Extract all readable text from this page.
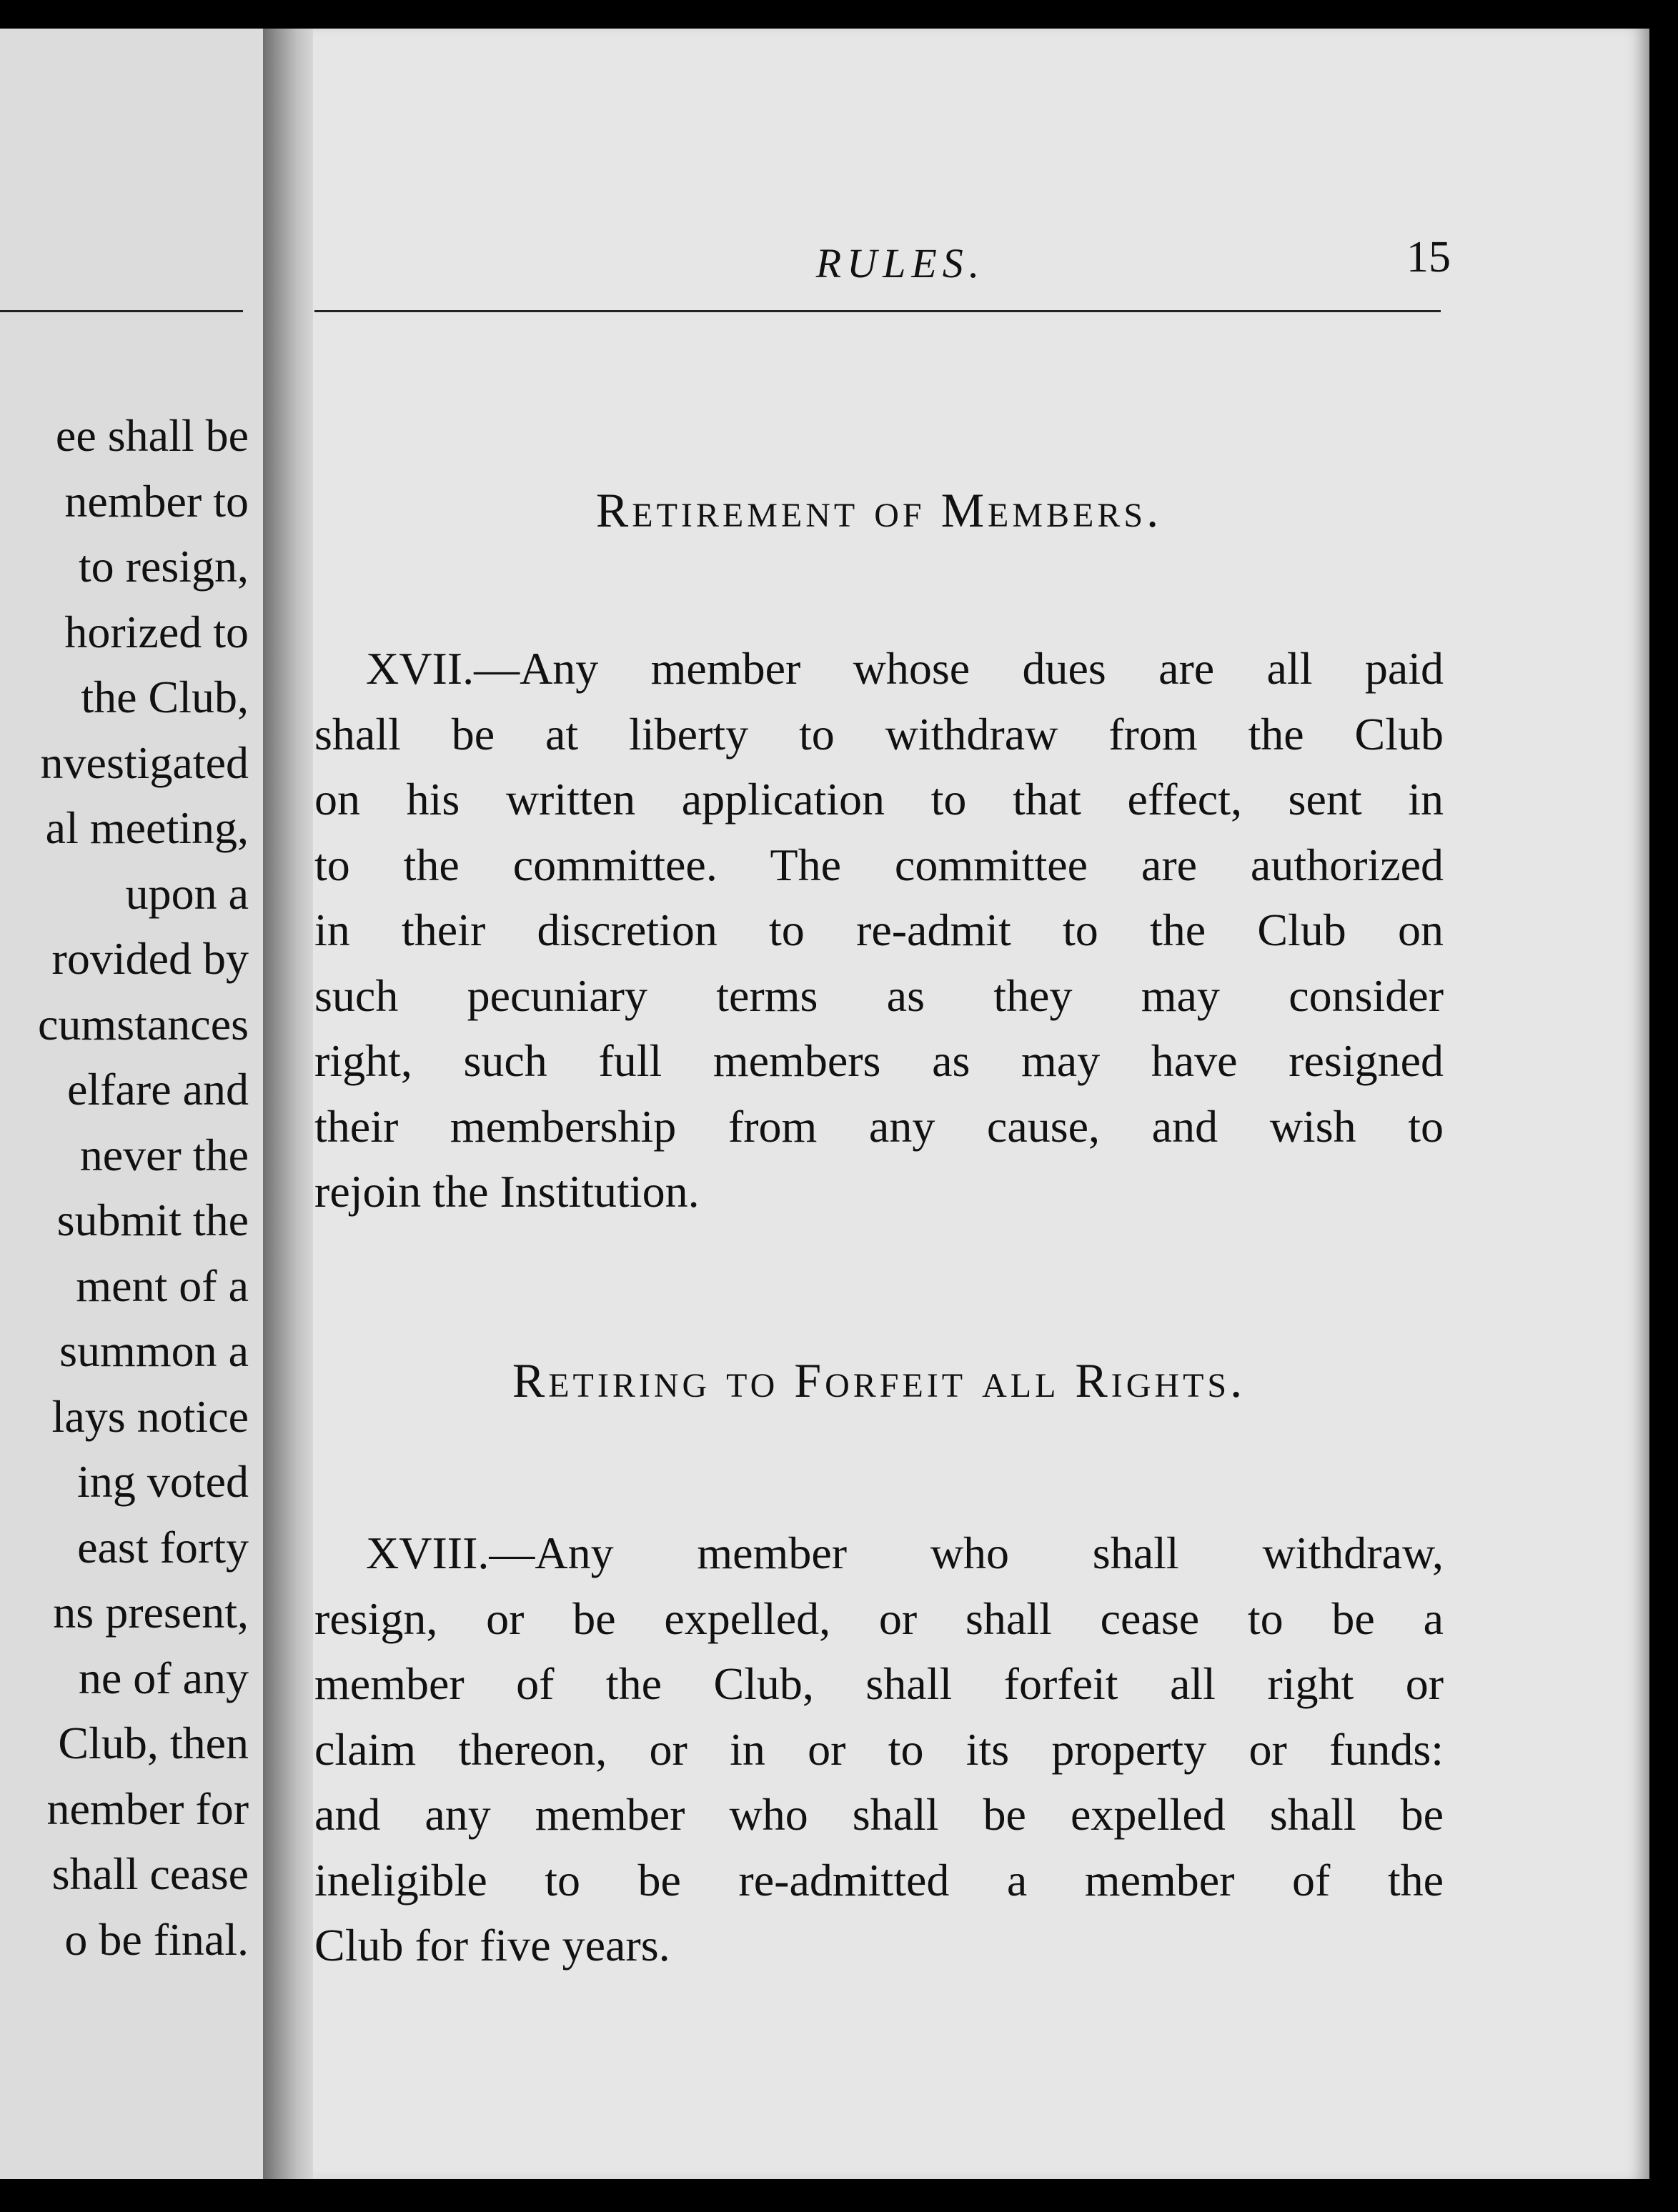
ee shall be
nember to
to resign,
horized to
the Club,
nvestigated
al meeting,
upon a
rovided by
cumstances
elfare and
never the
submit the
ment of a
summon a
lays notice
ing voted
east forty
ns present,
ne of any
Club, then
nember for
shall cease
o be final.
RULES.	15
Retirement of Members.
XVII.—Any member whose dues are all paid
shall be at liberty to withdraw from the Club
on his written application to that effect, sent in
to the committee. The committee are authorized
in their discretion to re-admit to the Club on
such pecuniary terms as they may consider
right, such full members as may have resigned
their membership from any cause, and wish to
rejoin the Institution.
Retiring to Forfeit all Rights.
XVIII.—Any member who shall withdraw,
resign, or be expelled, or shall cease to be a
member of the Club, shall forfeit all right or
claim thereon, or in or to its property or funds:
and any member who shall be expelled shall be
ineligible to be re-admitted a member of the
Club for five years.
